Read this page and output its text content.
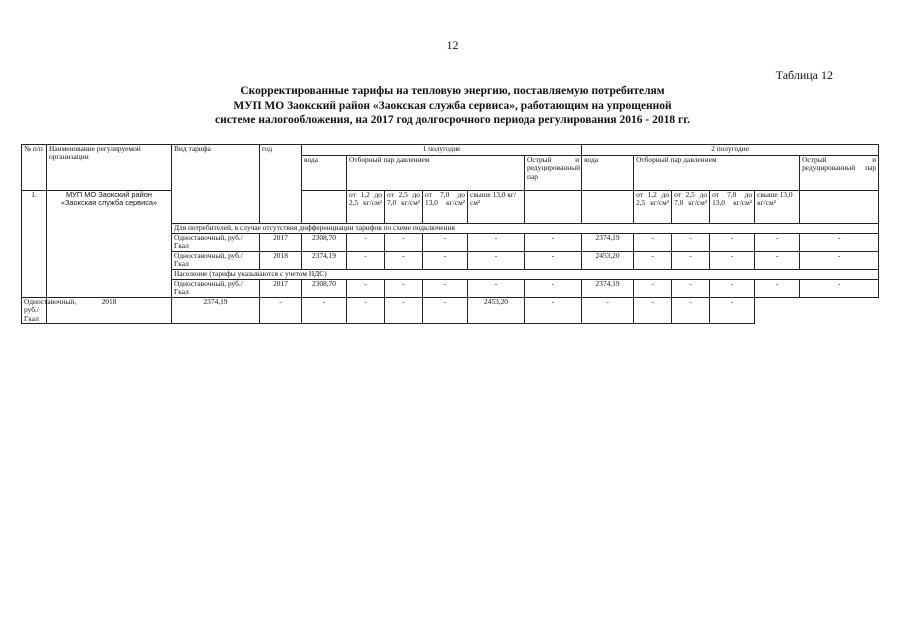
12
Таблица 12
Скорректированные тарифы на тепловую энергию, поставляемую потребителям
МУП МО Заокский район «Заокская служба сервиса», работающим на упрощенной
системе налогообложения, на 2017 год долгосрочного периода регулирования 2016 - 2018 гг.
№ п/п	Наименование регулируемой организации	Вид тарифа	год	1 полугодие						2 полугодие					
				вода	Отборный пар давлением				Острый и редуцированный пар	вода	Отборный пар давлением				Острый и редуцированный пар
1.	МУП МО Заокский район «Заокская служба сервиса»				от 1,2 до 2,5 кг/см²	от 2,5 до 7,0 кг/см²	от 7,0 до 13,0 кг/см²	свыше 13,0 кг/см²			от 1,2 до 2,5 кг/см²	от 2,5 до 7,0 кг/см²	от 7,0 до 13,0 кг/см²	свыше 13,0 кг/см²	
		Для потребителей, в случае отсутствия дифференциации тарифов по схеме подключения													
		Одноставочный, руб./Гкал	2017	2308,70	-	-	-	-	-	2374,19	-	-	-	-	-
		Одноставочный, руб./Гкал	2018	2374,19	-	-	-	-	-	2453,20	-	-	-	-	-
		Население (тарифы указываются с учетом НДС)													
		Одноставочный, руб./Гкал	2017	2308,70	-	-	-	-	-	2374,19	-	-	-	-	-
Одноставочный, руб./Гкал	2018	2374,19	-	-	-	-	-	2453,20	-	-	-	-	-		
